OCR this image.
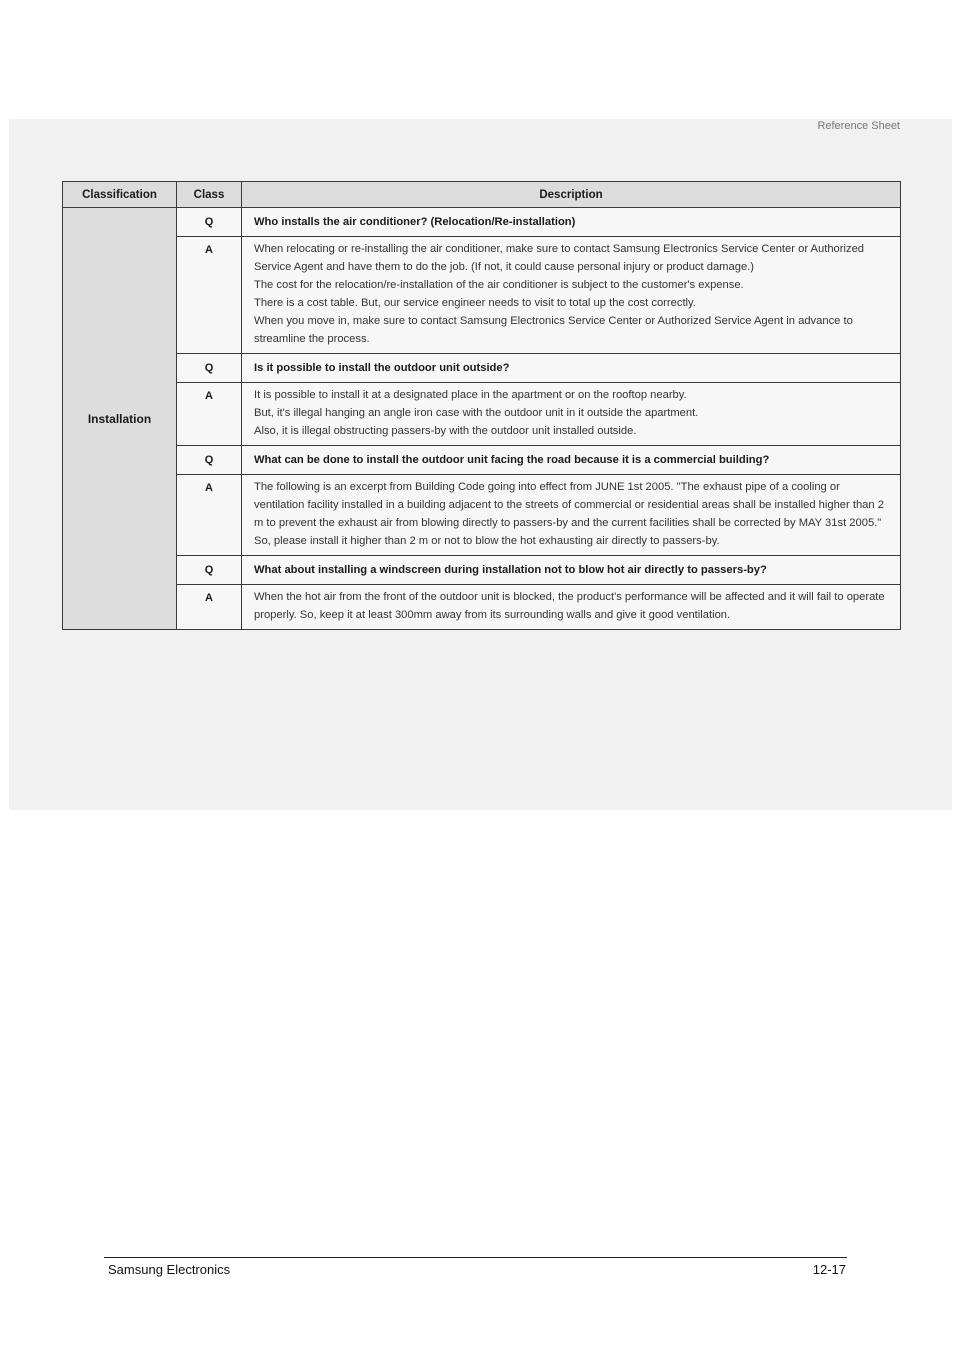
Reference Sheet
Classification	Class	Description
Installation	Q	Who installs the air conditioner? (Relocation/Re-installation)

	A	When relocating or re-installing the air conditioner, make sure to contact Samsung Electronics Service Center or Authorized Service Agent and have them to do the job. (If not, it could cause personal injury or product damage.)
The cost for the relocation/re-installation of the air conditioner is subject to the customer's expense.
There is a cost table. But, our service engineer needs to visit to total up the cost correctly.
When you move in, make sure to contact Samsung Electronics Service Center or Authorized Service Agent in advance to streamline the process.

	Q	Is it possible to install the outdoor unit outside?

	A	It is possible to install it at a designated place in the apartment or on the rooftop nearby.
But, it's illegal hanging an angle iron case with the outdoor unit in it outside the apartment.
Also, it is illegal obstructing passers-by with the outdoor unit installed outside.

	Q	What can be done to install the outdoor unit facing the road because it is a commercial building?

	A	The following is an excerpt from Building Code going into effect from JUNE 1st 2005. "The exhaust pipe of a cooling or ventilation facility installed in a building adjacent to the streets of commercial or residential areas shall be installed higher than 2 m to prevent the exhaust air from blowing directly to passers-by and the current facilities shall be corrected by MAY 31st 2005." So, please install it higher than 2 m or not to blow the hot exhausting air directly to passers-by.

	Q	What about installing a windscreen during installation not to blow hot air directly to passers-by?

	A	When the hot air from the front of the outdoor unit is blocked, the product's performance will be affected and it will fail to operate properly. So, keep it at least 300mm away from its surrounding walls and give it good ventilation.
Samsung Electronics	12-17
